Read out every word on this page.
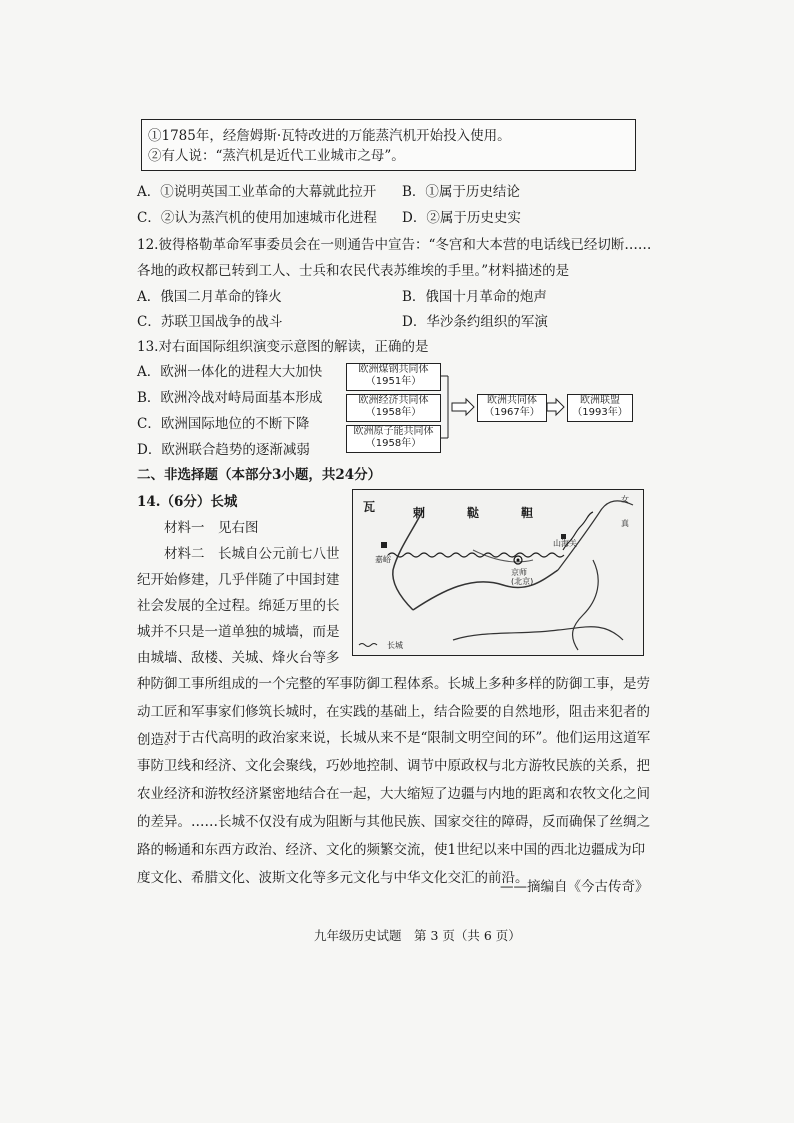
①1785年，经詹姆斯·瓦特改进的万能蒸汽机开始投入使用。
②有人说：“蒸汽机是近代工业城市之母”。
A．①说明英国工业革命的大幕就此拉开 B．①属于历史结论
C．②认为蒸汽机的使用加速城市化进程 D．②属于历史史实
12.彼得格勒革命军事委员会在一则通告中宣告：“冬宫和大本营的电话线已经切断……
各地的政权都已转到工人、士兵和农民代表苏维埃的手里。”材料描述的是
A．俄国二月革命的锋火	B．俄国十月革命的炮声
C．苏联卫国战争的战斗	D．华沙条约组织的军演
13.对右面国际组织演变示意图的解读，正确的是
A．欧洲一体化的进程大大加快
B．欧洲冷战对峙局面基本形成
C．欧洲国际地位的不断下降
D．欧洲联合趋势的逐渐减弱
欧洲煤钢共同体
（1951年）
欧洲经济共同体
（1958年）
欧洲原子能共同体
（1958年）
欧洲共同体
（1967年）
欧洲联盟
（1993年）
二、非选择题（本部分3小题，共24分）
14.（6分）长城
材料一　见右图
材料二　长城自公元前七八世
纪开始修建，几乎伴随了中国封建
社会发展的全过程。绵延万里的长
城并不只是一道单独的城墙，而是
由城墙、敌楼、关城、烽火台等多
种防御工事所组成的一个完整的军事防御工程体系。长城上多种多样的防御工事，是劳动工匠和军事家们修筑长城时，在实践的基础上，结合险要的自然地形，阻击来犯者的创造。
对于古代高明的政治家来说，长城从来不是“限制文明空间的环”。他们运用这道军事防卫线和经济、文化会聚线，巧妙地控制、调节中原政权与北方游牧民族的关系，把农业经济和游牧经济紧密地结合在一起，大大缩短了边疆与内地的距离和农牧文化之间的差异。……长城不仅没有成为阻断与其他民族、国家交往的障碍，反而确保了丝绸之路的畅通和东西方政治、经济、文化的频繁交流，使1世纪以来中国的西北边疆成为印度文化、希腊文化、波斯文化等多元文化与中华文化交汇的前沿。
——摘编自《今古传奇》
瓦	剌	鞑	靼
嘉峪
山海关
京师
(北京)
女
真
长城
九年级历史试题　第 3 页（共 6 页）
